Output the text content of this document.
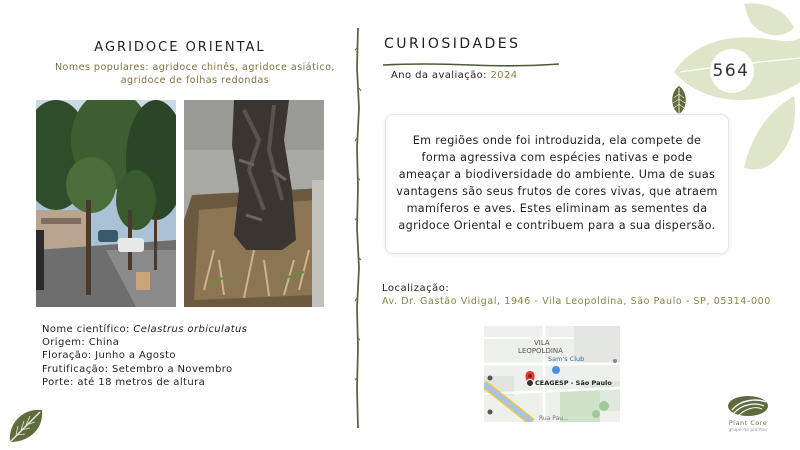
AGRIDOCE ORIENTAL
Nomes populares: agridoce chinês, agridoce asiático, agridoce de folhas redondas
Nome científico: Celastrus orbiculatus
Origem: China
Floração: Junho a Agosto
Frutificação: Setembro a Novembro
Porte: até 18 metros de altura
CURIOSIDADES
Ano da avaliação: 2024
Em regiões onde foi introduzida, ela compete de forma agressiva com espécies nativas e pode ameaçar a biodiversidade do ambiente. Uma de suas vantagens são seus frutos de cores vivas, que atraem mamíferos e aves. Estes eliminam as sementes da agridoce Oriental e contribuem para a sua dispersão.
Localização:
Av. Dr. Gastão Vidigal, 1946 - Vila Leopoldina, São Paulo - SP, 05314-000
VILA
LEOPOLDINA
Sam's Club
CEAGESP - São Paulo
Rua Pau...
564
Plant Core
grupo de plantas
